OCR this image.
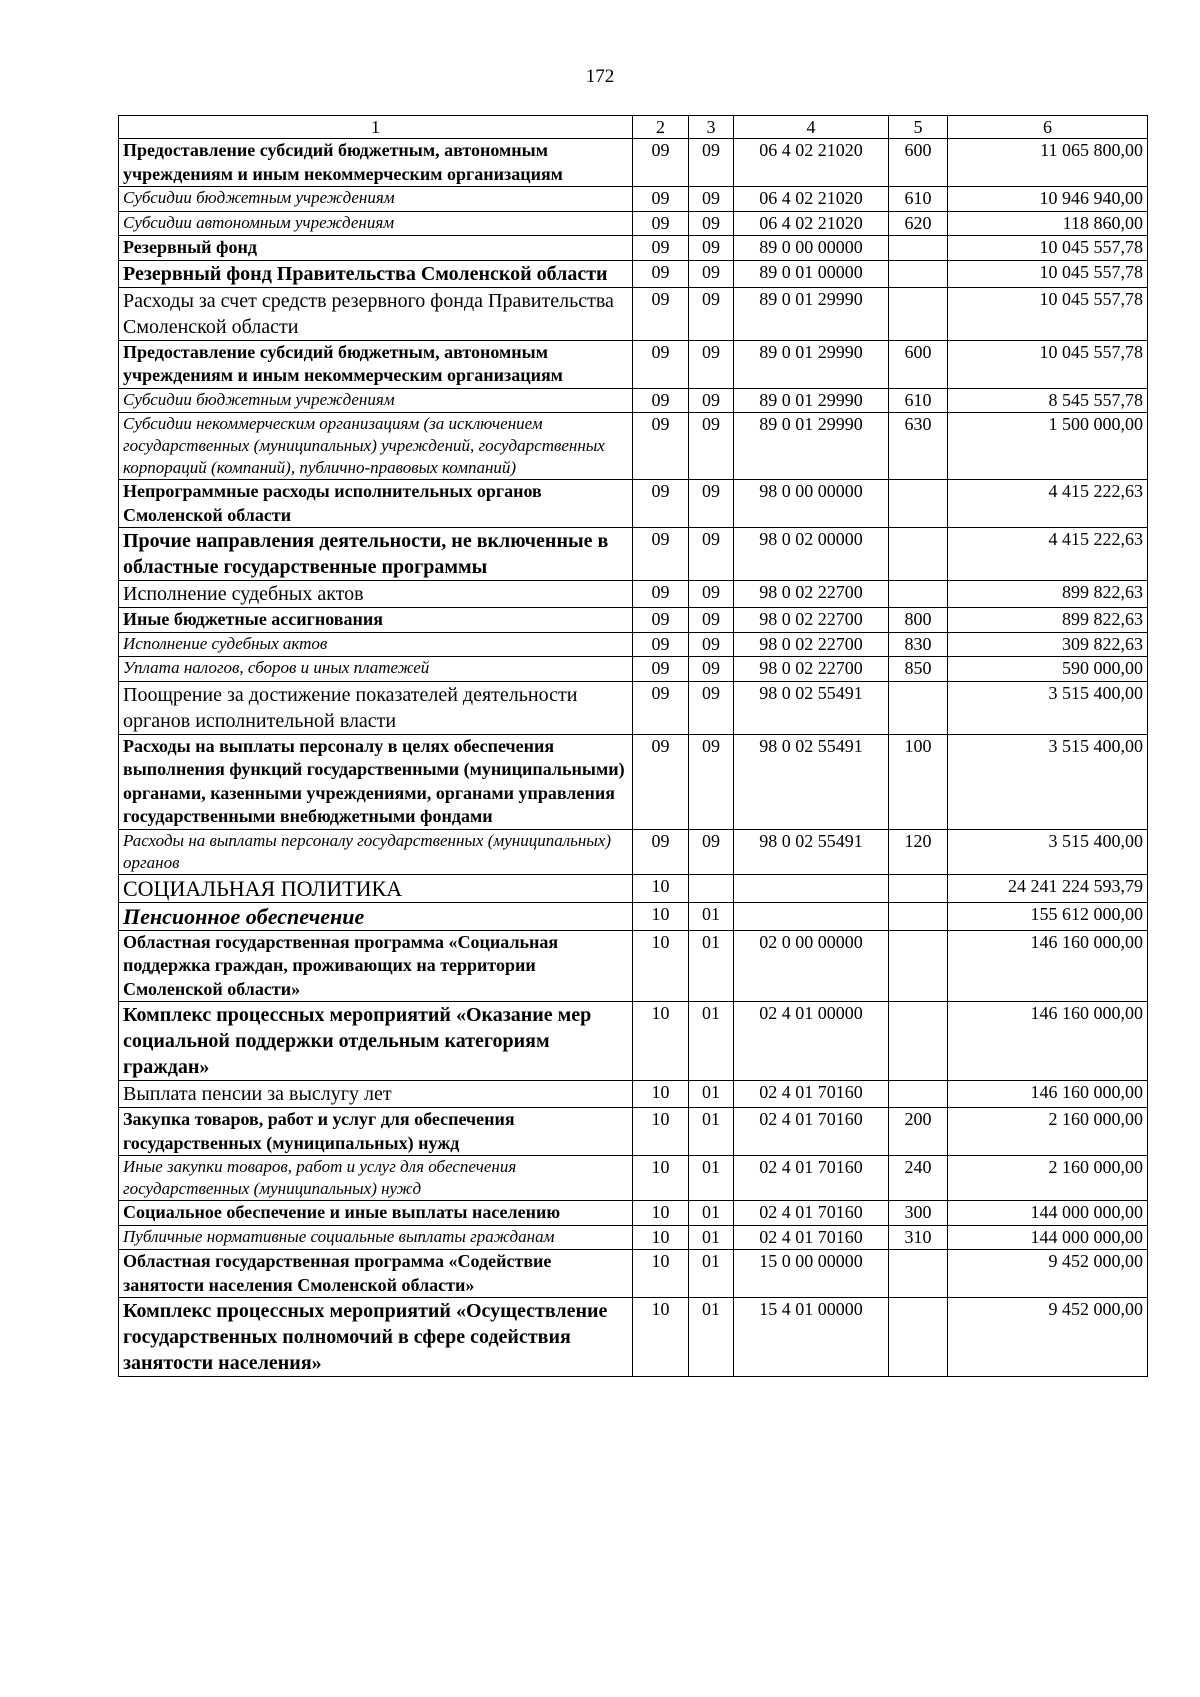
172
1	2	3	4	5	6
Предоставление субсидий бюджетным, автономным учреждениям и иным некоммерческим организациям	09	09	06 4 02 21020	600	11 065 800,00
Субсидии бюджетным учреждениям	09	09	06 4 02 21020	610	10 946 940,00
Субсидии автономным учреждениям	09	09	06 4 02 21020	620	118 860,00
Резервный фонд	09	09	89 0 00 00000		10 045 557,78
Резервный фонд Правительства Смоленской области	09	09	89 0 01 00000		10 045 557,78
Расходы за счет средств резервного фонда Правительства Смоленской области	09	09	89 0 01 29990		10 045 557,78
Предоставление субсидий бюджетным, автономным учреждениям и иным некоммерческим организациям	09	09	89 0 01 29990	600	10 045 557,78
Субсидии бюджетным учреждениям	09	09	89 0 01 29990	610	8 545 557,78
Субсидии некоммерческим организациям (за исключением государственных (муниципальных) учреждений, государственных корпораций (компаний), публично-правовых компаний)	09	09	89 0 01 29990	630	1 500 000,00
Непрограммные расходы исполнительных органов Смоленской области	09	09	98 0 00 00000		4 415 222,63
Прочие направления деятельности, не включенные в областные государственные программы	09	09	98 0 02 00000		4 415 222,63
Исполнение судебных актов	09	09	98 0 02 22700		899 822,63
Иные бюджетные ассигнования	09	09	98 0 02 22700	800	899 822,63
Исполнение судебных актов	09	09	98 0 02 22700	830	309 822,63
Уплата налогов, сборов и иных платежей	09	09	98 0 02 22700	850	590 000,00
Поощрение за достижение показателей деятельности органов исполнительной власти	09	09	98 0 02 55491		3 515 400,00
Расходы на выплаты персоналу в целях обеспечения выполнения функций государственными (муниципальными) органами, казенными учреждениями, органами управления государственными внебюджетными фондами	09	09	98 0 02 55491	100	3 515 400,00
Расходы на выплаты персоналу государственных (муниципальных) органов	09	09	98 0 02 55491	120	3 515 400,00
СОЦИАЛЬНАЯ ПОЛИТИКА	10				24 241 224 593,79
Пенсионное обеспечение	10	01			155 612 000,00
Областная государственная программа «Социальная поддержка граждан, проживающих на территории Смоленской области»	10	01	02 0 00 00000		146 160 000,00
Комплекс процессных мероприятий «Оказание мер социальной поддержки отдельным категориям граждан»	10	01	02 4 01 00000		146 160 000,00
Выплата пенсии за выслугу лет	10	01	02 4 01 70160		146 160 000,00
Закупка товаров, работ и услуг для обеспечения государственных (муниципальных) нужд	10	01	02 4 01 70160	200	2 160 000,00
Иные закупки товаров, работ и услуг для обеспечения государственных (муниципальных) нужд	10	01	02 4 01 70160	240	2 160 000,00
Социальное обеспечение и иные выплаты населению	10	01	02 4 01 70160	300	144 000 000,00
Публичные нормативные социальные выплаты гражданам	10	01	02 4 01 70160	310	144 000 000,00
Областная государственная программа «Содействие занятости населения Смоленской области»	10	01	15 0 00 00000		9 452 000,00
Комплекс процессных мероприятий «Осуществление государственных полномочий в сфере содействия занятости населения»	10	01	15 4 01 00000		9 452 000,00
